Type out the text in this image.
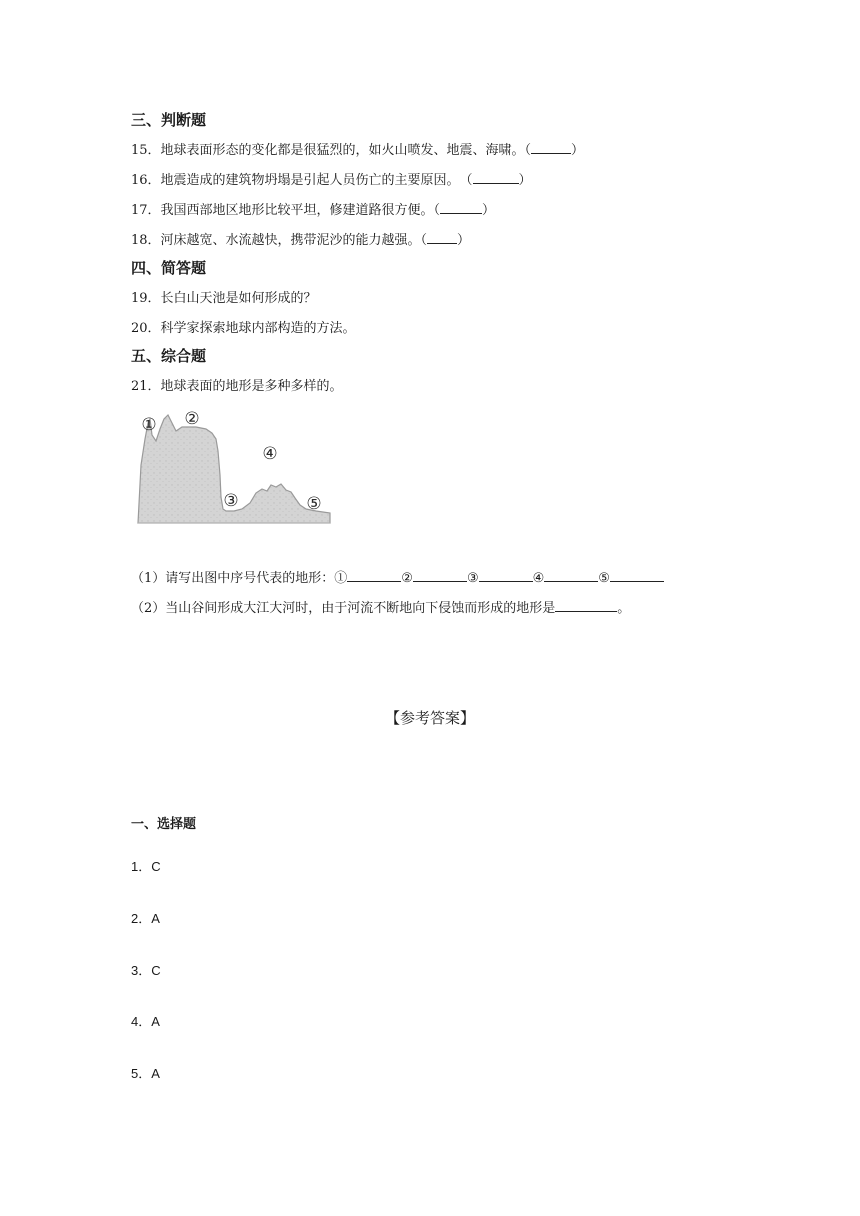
三、判断题
15．地球表面形态的变化都是很猛烈的，如火山喷发、地震、海啸。（	）
16．地震造成的建筑物坍塌是引起人员伤亡的主要原因。　（	）
17．我国西部地区地形比较平坦，修建道路很方便。（	）
18．河床越宽、水流越快，携带泥沙的能力越强。（ ）
四、简答题
19．长白山天池是如何形成的？
20．科学家探索地球内部构造的方法。
五、综合题
21．地球表面的地形是多种多样的。
① ②
③
④
⑤
（1）请写出图中序号代表的地形：①	②	③	④	⑤
（2）当山谷间形成大江大河时，由于河流不断地向下侵蚀而形成的地形是	。
【参考答案】
一、选择题
1．C
2．A
3．C
4．A
5．A
